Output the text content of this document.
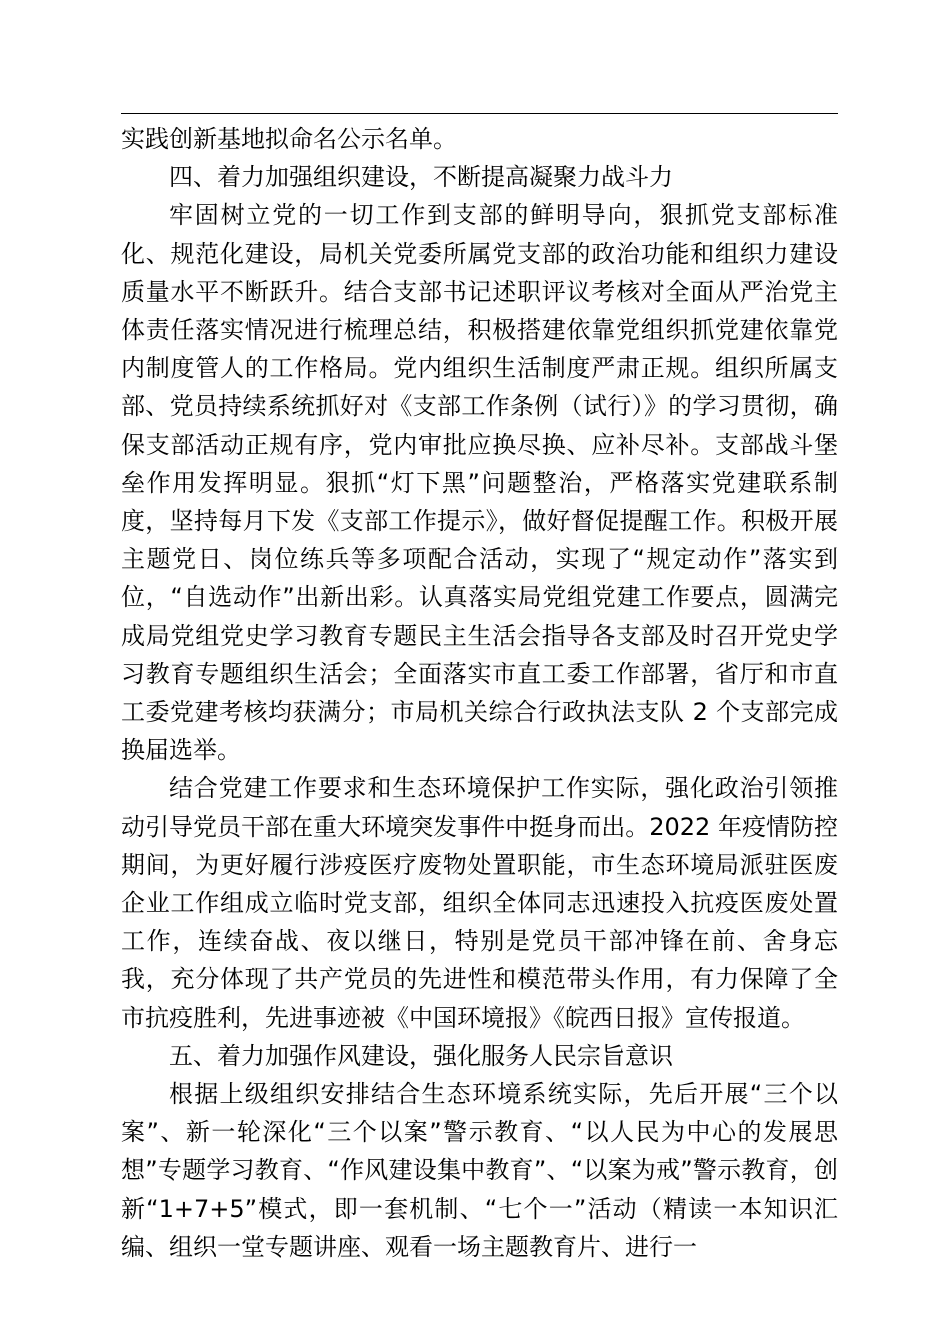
实践创新基地拟命名公示名单。

四、着力加强组织建设，不断提高凝聚力战斗力

牢固树立党的一切工作到支部的鲜明导向，狠抓党支部标准化、规范化建设，局机关党委所属党支部的政治功能和组织力建设质量水平不断跃升。结合支部书记述职评议考核对全面从严治党主体责任落实情况进行梳理总结，积极搭建依靠党组织抓党建依靠党内制度管人的工作格局。党内组织生活制度严肃正规。组织所属支部、党员持续系统抓好对《支部工作条例（试行）》的学习贯彻，确保支部活动正规有序，党内审批应换尽换、应补尽补。支部战斗堡垒作用发挥明显。狠抓“灯下黑”问题整治，严格落实党建联系制度，坚持每月下发《支部工作提示》，做好督促提醒工作。积极开展主题党日、岗位练兵等多项配合活动，实现了“规定动作”落实到位，“自选动作”出新出彩。认真落实局党组党建工作要点，圆满完成局党组党史学习教育专题民主生活会指导各支部及时召开党史学习教育专题组织生活会；全面落实市直工委工作部署，省厅和市直工委党建考核均获满分；市局机关综合行政执法支队 2 个支部完成换届选举。

结合党建工作要求和生态环境保护工作实际，强化政治引领推动引导党员干部在重大环境突发事件中挺身而出。2022 年疫情防控期间，为更好履行涉疫医疗废物处置职能，市生态环境局派驻医废企业工作组成立临时党支部，组织全体同志迅速投入抗疫医废处置工作，连续奋战、夜以继日，特别是党员干部冲锋在前、舍身忘我，充分体现了共产党员的先进性和模范带头作用，有力保障了全市抗疫胜利，先进事迹被《中国环境报》《皖西日报》宣传报道。

五、着力加强作风建设，强化服务人民宗旨意识

根据上级组织安排结合生态环境系统实际，先后开展“三个以案”、新一轮深化“三个以案”警示教育、“以人民为中心的发展思想”专题学习教育、“作风建设集中教育”、“以案为戒”警示教育，创新“1+7+5”模式，即一套机制、“七个一”活动（精读一本知识汇编、组织一堂专题讲座、观看一场主题教育片、进行一
